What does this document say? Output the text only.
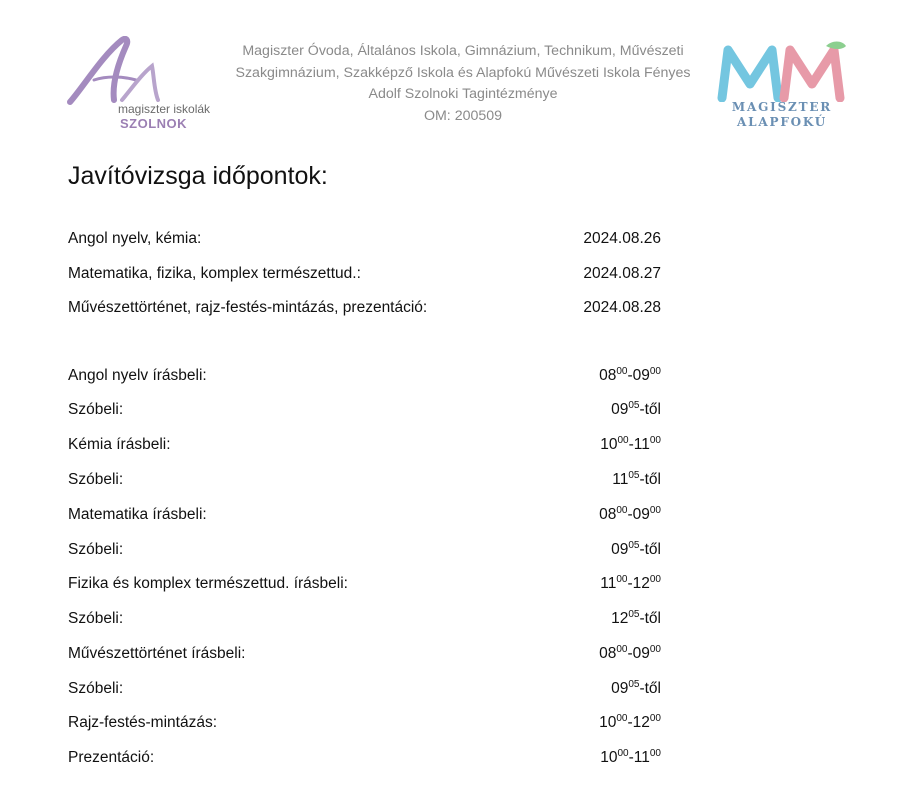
magiszter iskolák
SZOLNOK
Magiszter Óvoda, Általános Iskola, Gimnázium, Technikum, Művészeti
Szakgimnázium, Szakképző Iskola és Alapfokú Művészeti Iskola Fényes
Adolf Szolnoki Tagintézménye
OM: 200509
MAGISZTER
ALAPFOKÚ
Javítóvizsga időpontok:
Angol nyelv, kémia:	2024.08.26
Matematika, fizika, komplex természettud.:	2024.08.27
Művészettörténet, rajz-festés-mintázás, prezentáció:	2024.08.28
Angol nyelv írásbeli:	$08^{00}-09^{00}$
Szóbeli:	$09^{05}$-től
Kémia írásbeli:	$10^{00}-11^{00}$
Szóbeli:	$11^{05}$-től
Matematika írásbeli:	$08^{00}-09^{00}$
Szóbeli:	$09^{05}$-től
Fizika és komplex természettud. írásbeli:	$11^{00}-12^{00}$
Szóbeli:	$12^{05}$-től
Művészettörténet írásbeli:	$08^{00}-09^{00}$
Szóbeli:	$09^{05}$-től
Rajz-festés-mintázás:	$10^{00}-12^{00}$
Prezentáció:	$10^{00}-11^{00}$
